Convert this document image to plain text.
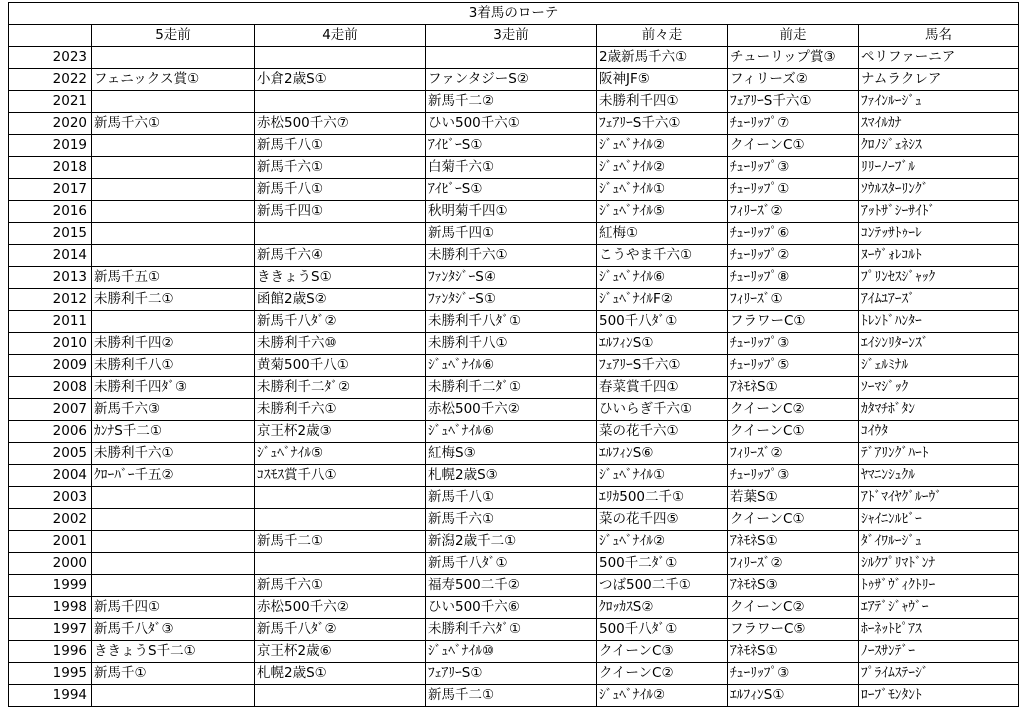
3着馬のローテ						
	5走前	4走前	3走前	前々走	前走	馬名
2023				2歳新馬千六①	チューリップ賞③	ペリファーニア
2022	フェニックス賞①	小倉2歳S①	ファンタジーS②	阪神JF⑤	フィリーズ②	ナムラクレア
2021			新馬千二②	未勝利千四①	ﾌｪｱﾘｰS千六①	ﾌｧｲﾝﾙｰｼﾞｭ
2020	新馬千六①	赤松500千六⑦	ひい500千六①	ﾌｪｱﾘｰS千六①	ﾁｭｰﾘｯﾌﾟ⑦	ｽﾏｲﾙｶﾅ
2019		新馬千八①	ｱｲﾋﾞｰS①	ｼﾞｭﾍﾞﾅｲﾙ②	クイーンC①	ｸﾛﾉｼﾞｪﾈｼｽ
2018		新馬千六①	白菊千六①	ｼﾞｭﾍﾞﾅｲﾙ②	ﾁｭｰﾘｯﾌﾟ③	ﾘﾘｰﾉｰﾌﾞﾙ
2017		新馬千八①	ｱｲﾋﾞｰS①	ｼﾞｭﾍﾞﾅｲﾙ①	ﾁｭｰﾘｯﾌﾟ①	ｿｳﾙｽﾀｰﾘﾝｸﾞ
2016		新馬千四①	秋明菊千四①	ｼﾞｭﾍﾞﾅｲﾙ⑤	ﾌｨﾘｰｽﾞ②	ｱｯﾄｻﾞｼｰｻｲﾄﾞ
2015			新馬千四①	紅梅①	ﾁｭｰﾘｯﾌﾟ⑥	ｺﾝﾃｯｻﾄｩｰﾚ
2014		新馬千六④	未勝利千六①	こうやま千六①	ﾁｭｰﾘｯﾌﾟ②	ﾇｰｳﾞｫﾚｺﾙﾄ
2013	新馬千五①	ききょうS①	ﾌｧﾝﾀｼﾞｰS④	ｼﾞｭﾍﾞﾅｲﾙ⑥	ﾁｭｰﾘｯﾌﾟ⑧	ﾌﾟﾘﾝｾｽｼﾞｬｯｸ
2012	未勝利千二①	函館2歳S②	ﾌｧﾝﾀｼﾞｰS①	ｼﾞｭﾍﾞﾅｲﾙF②	ﾌｨﾘｰｽﾞ①	ｱｲﾑﾕｱｰｽﾞ
2011		新馬千八ﾀﾞ②	未勝利千八ﾀﾞ①	500千八ﾀﾞ①	フラワーC①	ﾄﾚﾝﾄﾞﾊﾝﾀｰ
2010	未勝利千四②	未勝利千六⑩	未勝利千八①	ｴﾙﾌｨﾝS①	ﾁｭｰﾘｯﾌﾟ③	ｴｲｼﾝﾘﾀｰﾝｽﾞ
2009	未勝利千八①	黄菊500千八①	ｼﾞｭﾍﾞﾅｲﾙ⑥	ﾌｪｱﾘｰS千六①	ﾁｭｰﾘｯﾌﾟ⑤	ｼﾞｪﾙﾐﾅﾙ
2008	未勝利千四ﾀﾞ③	未勝利千二ﾀﾞ②	未勝利千二ﾀﾞ①	春菜賞千四①	ｱﾈﾓﾈS①	ｿｰﾏｼﾞｯｸ
2007	新馬千六③	未勝利千六①	赤松500千六②	ひいらぎ千六①	クイーンC②	ｶﾀﾏﾁﾎﾞﾀﾝ
2006	ｶﾝﾅS千二①	京王杯2歳③	ｼﾞｭﾍﾞﾅｲﾙ⑥	菜の花千六①	クイーンC①	ｺｲｳﾀ
2005	未勝利千六①	ｼﾞｭﾍﾞﾅｲﾙ⑤	紅梅S③	ｴﾙﾌｨﾝS⑥	ﾌｨﾘｰｽﾞ②	ﾃﾞｱﾘﾝｸﾞﾊｰﾄ
2004	ｸﾛｰﾊﾞｰ千五②	ｺｽﾓｽ賞千八①	札幌2歳S③	ｼﾞｭﾍﾞﾅｲﾙ①	ﾁｭｰﾘｯﾌﾟ③	ﾔﾏﾆﾝｼｭｸﾙ
2003			新馬千八①	ｴﾘｶ500二千①	若葉S①	ｱﾄﾞﾏｲﾔｸﾞﾙｰｳﾞ
2002			新馬千六①	菜の花千四⑤	クイーンC①	ｼｬｲﾆﾝﾙﾋﾞｰ
2001		新馬千二①	新潟2歳千二①	ｼﾞｭﾍﾞﾅｲﾙ②	ｱﾈﾓﾈS①	ﾀﾞｲﾜﾙｰｼﾞｭ
2000			新馬千八ﾀﾞ①	500千二ﾀﾞ①	ﾌｨﾘｰｽﾞ②	ｼﾙｸﾌﾟﾘﾏﾄﾞﾝﾅ
1999		新馬千六①	福寿500二千②	つば500二千①	ｱﾈﾓﾈS③	ﾄｩｻﾞｳﾞｨｸﾄﾘｰ
1998	新馬千四①	赤松500千六②	ひい500千六⑥	ｸﾛｯｶｽS②	クイーンC②	ｴｱﾃﾞｼﾞｬｳﾞｰ
1997	新馬千八ﾀﾞ③	新馬千八ﾀﾞ②	未勝利千六ﾀﾞ①	500千八ﾀﾞ①	フラワーC⑤	ﾎｰﾈｯﾄﾋﾟｱｽ
1996	ききょうS千二①	京王杯2歳⑥	ｼﾞｭﾍﾞﾅｲﾙ⑩	クイーンC③	ｱﾈﾓﾈS①	ﾉｰｽｻﾝﾃﾞｰ
1995	新馬千①	札幌2歳S①	ﾌｪｱﾘｰS①	クイーンC②	ﾁｭｰﾘｯﾌﾟ③	ﾌﾟﾗｲﾑｽﾃｰｼﾞ
1994			新馬千二①	ｼﾞｭﾍﾞﾅｲﾙ②	ｴﾙﾌｨﾝS①	ﾛｰﾌﾞﾓﾝﾀﾝﾄ
